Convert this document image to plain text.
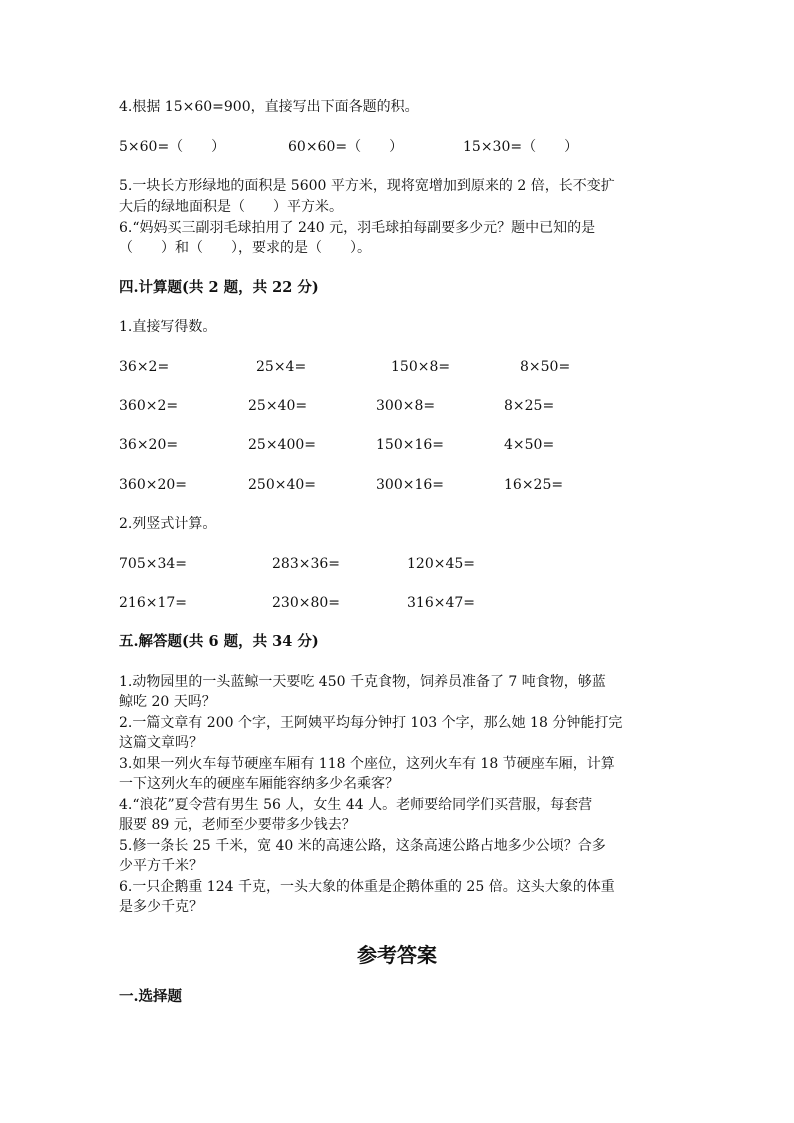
4.根据 15×60=900，直接写出下面各题的积。
5×60=（　　）	60×60=（　　）	15×30=（　　）
5.一块长方形绿地的面积是 5600 平方米，现将宽增加到原来的 2 倍，长不变扩
大后的绿地面积是（　　）平方米。
6.“妈妈买三副羽毛球拍用了 240 元，羽毛球拍每副要多少元？题中已知的是
（　　）和（　　），要求的是（　　）。
四.计算题(共 2 题，共 22 分)
1.直接写得数。
36×2=	25×4=	150×8=	8×50=
360×2=	25×40=	300×8=	8×25=
36×20=	25×400=	150×16=	4×50=
360×20=	250×40=	300×16=	16×25=
2.列竖式计算。
705×34=	283×36=	120×45=
216×17=	230×80=	316×47=
五.解答题(共 6 题，共 34 分)
1.动物园里的一头蓝鲸一天要吃 450 千克食物，饲养员准备了 7 吨食物，够蓝
鲸吃 20 天吗？
2.一篇文章有 200 个字，王阿姨平均每分钟打 103 个字，那么她 18 分钟能打完
这篇文章吗？
3.如果一列火车每节硬座车厢有 118 个座位，这列火车有 18 节硬座车厢，计算
一下这列火车的硬座车厢能容纳多少名乘客？
4.“浪花”夏令营有男生 56 人，女生 44 人。老师要给同学们买营服，每套营
服要 89 元，老师至少要带多少钱去？
5.修一条长 25 千米，宽 40 米的高速公路，这条高速公路占地多少公顷？合多
少平方千米？
6.一只企鹅重 124 千克，一头大象的体重是企鹅体重的 25 倍。这头大象的体重
是多少千克？
参考答案
一.选择题
